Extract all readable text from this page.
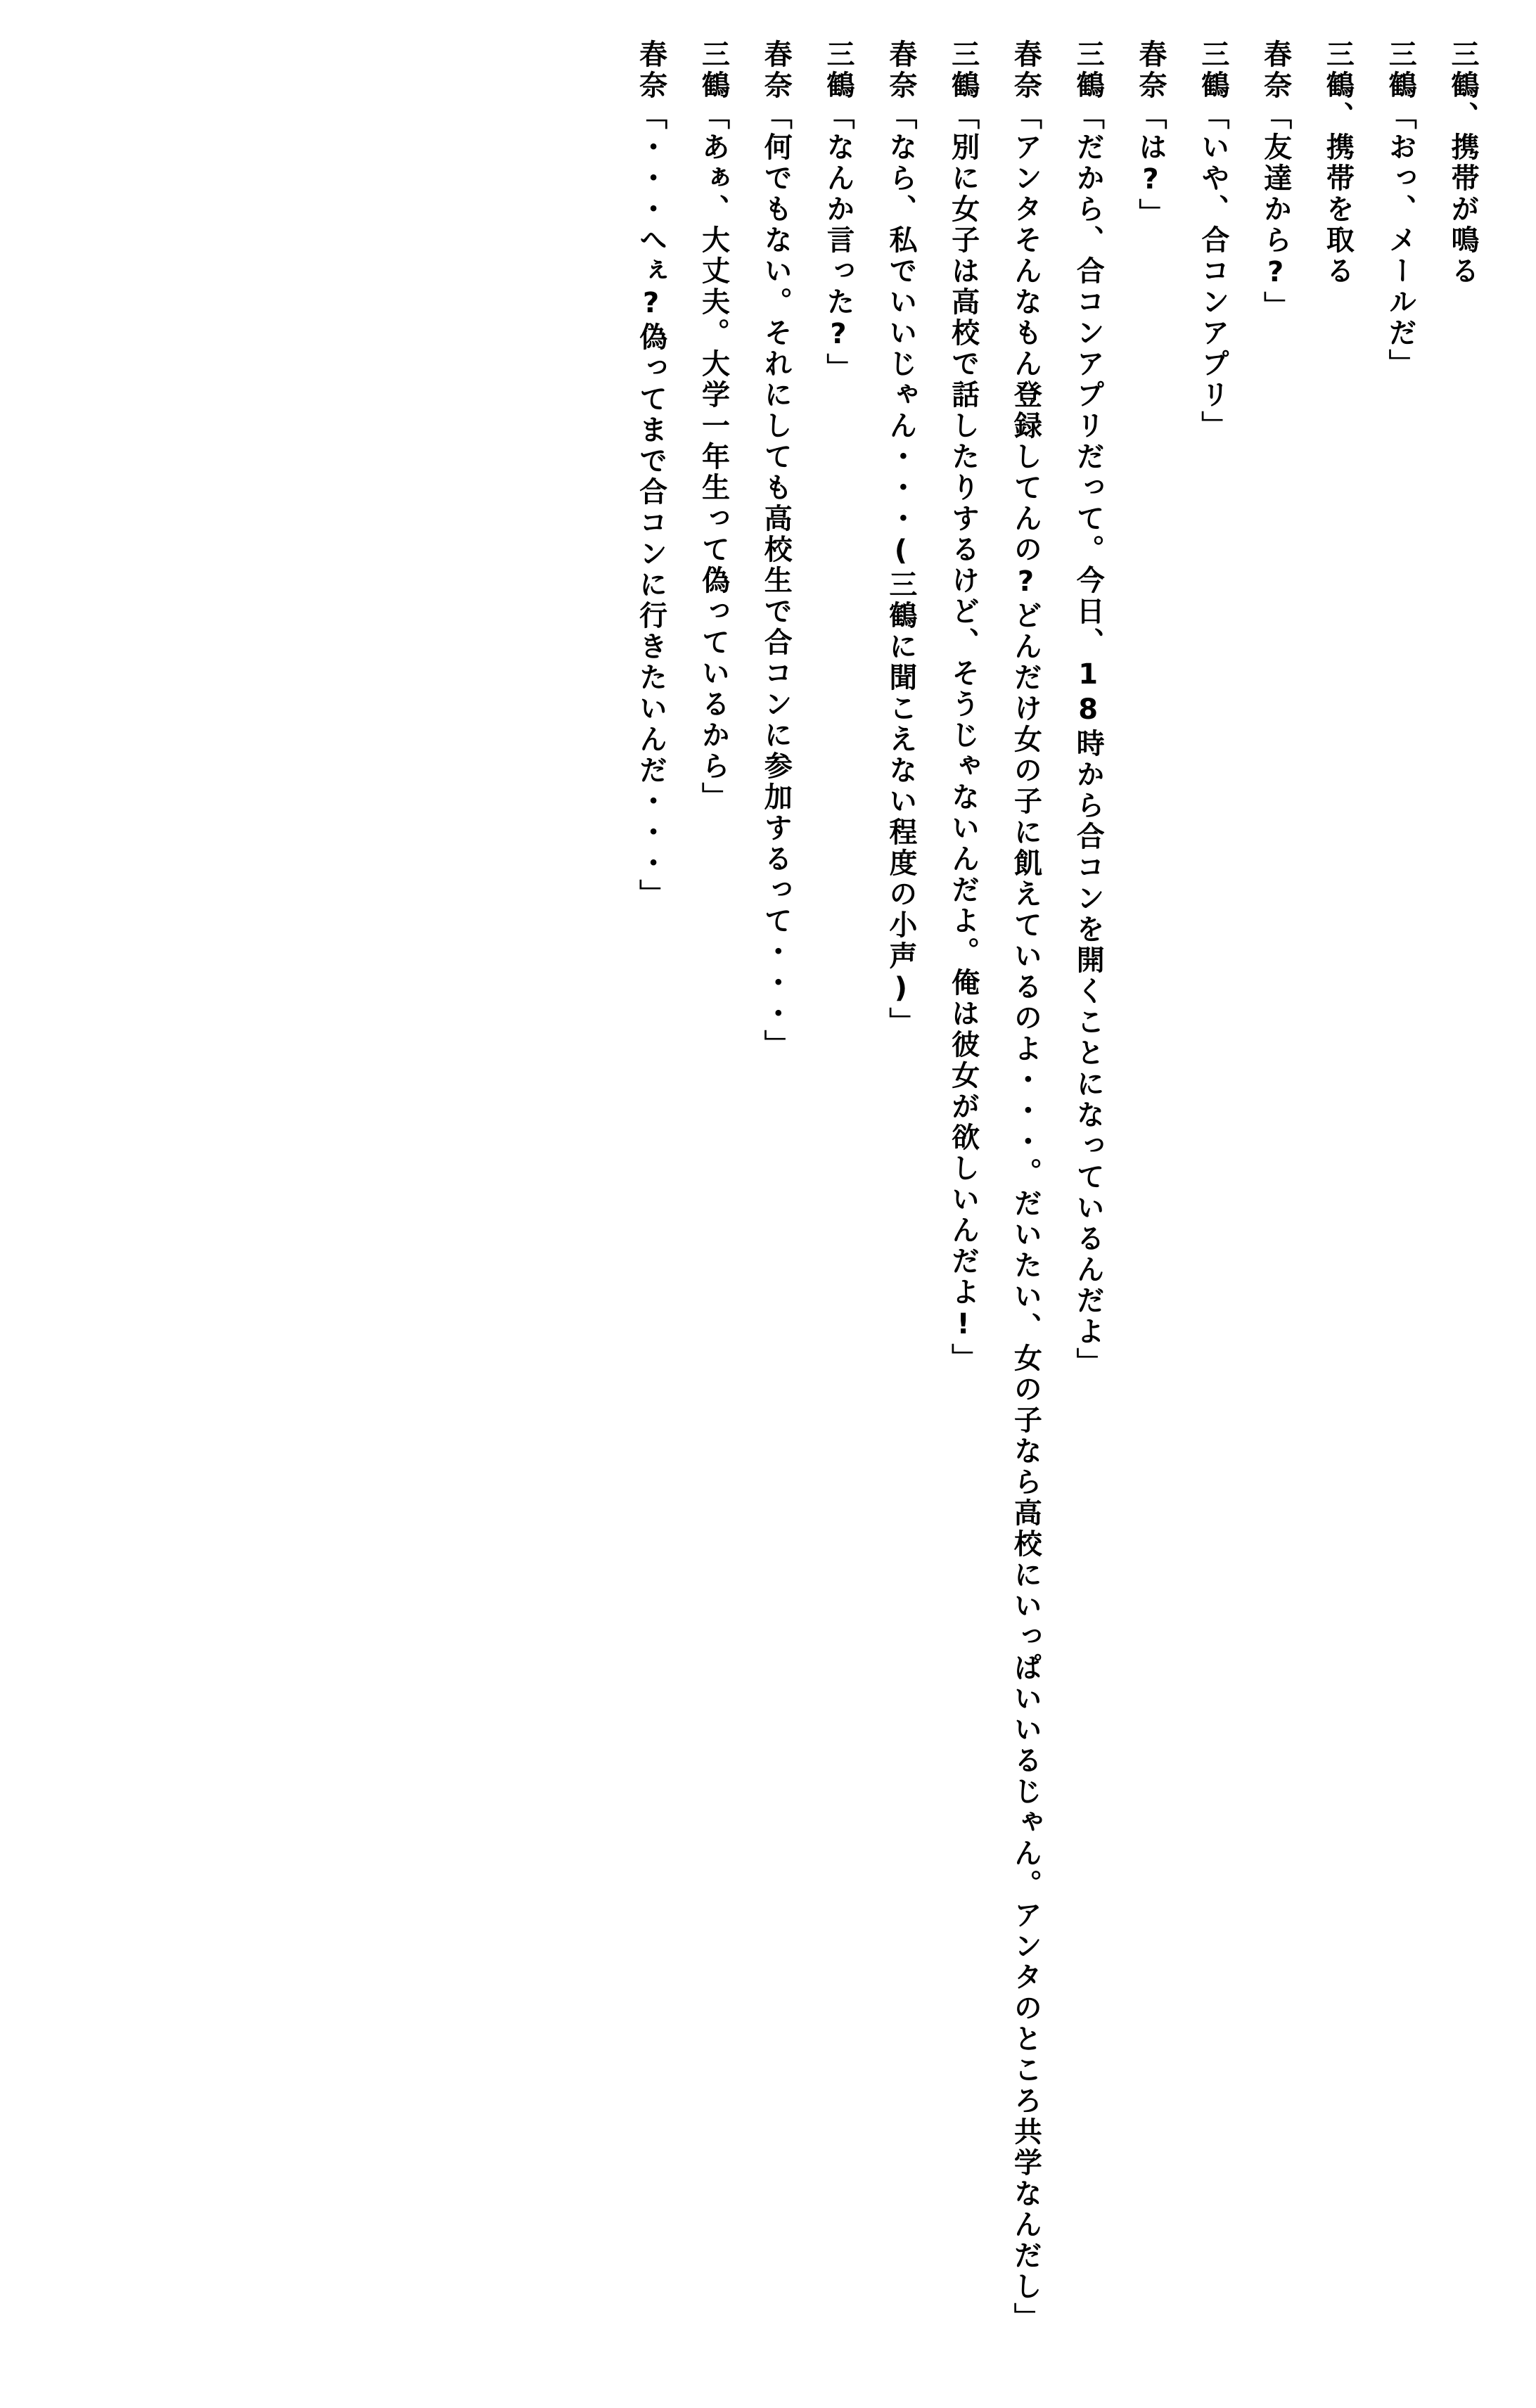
三鶴、携帯が鳴る

三鶴「おっ、メールだ」

三鶴、携帯を取る

春奈「友達から?」

三鶴「いや、合コンアプリ」

春奈「は?」

三鶴「だから、合コンアプリだって。今日、18時から合コンを開くことになっているんだよ」

春奈「アンタそんなもん登録してんの?どんだけ女の子に飢えているのよ・・・。だいたい、女の子なら高校にいっぱいいるじゃん。アンタのところ共学なんだし」

三鶴「別に女子は高校で話したりするけど、そうじゃないんだよ。俺は彼女が欲しいんだよ!」

春奈「なら、私でいいじゃん・・・(三鶴に聞こえない程度の小声)」

三鶴「なんか言った?」

春奈「何でもない。それにしても高校生で合コンに参加するって・・・」

三鶴「あぁ、大丈夫。大学一年生って偽っているから」

春奈「・・・へぇ?偽ってまで合コンに行きたいんだ・・・」
